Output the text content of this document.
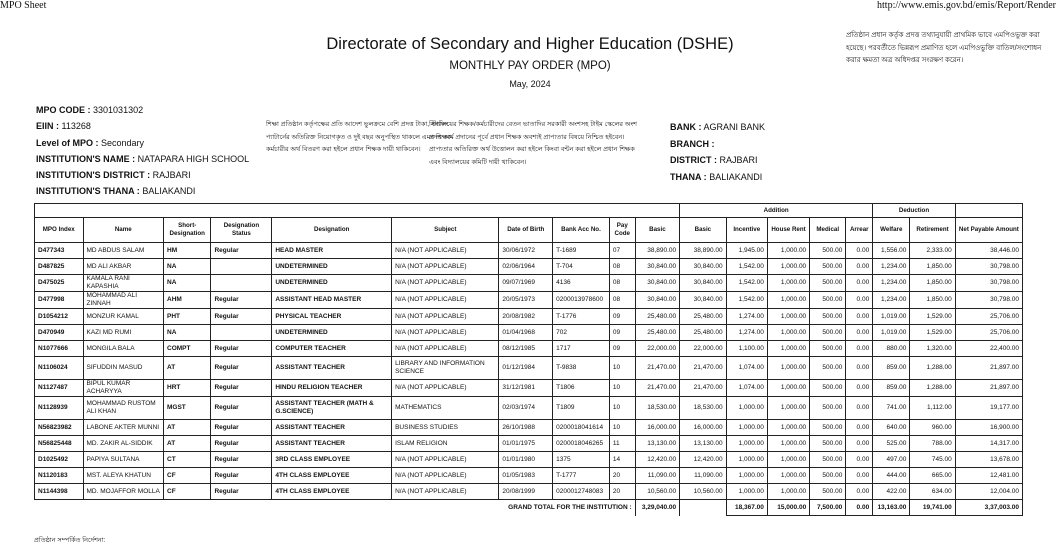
MPO Sheet	http://www.emis.gov.bd/emis/Report/Render
প্রতিষ্ঠান প্রধান কর্তৃক প্রদত্ত তথ্যানুযায়ী প্রাথমিক ভাবে এমপিওভুক্ত করা হয়েছে। পরবর্তীতে ভিন্নরূপ প্রমাণিত হলে এমপিওভুক্তি বাতিল/সংশোধন করার ক্ষমতা অত্র অধিদপ্তর সংরক্ষণ করেন।
Directorate of Secondary and Higher Education (DSHE)
MONTHLY PAY ORDER (MPO)
May, 2024
MPO CODE : 3301031302
EIIN : 113268
Level of MPO : Secondary
INSTITUTION'S NAME : NATAPARA HIGH SCHOOL
INSTITUTION'S DISTRICT : RAJBARI
INSTITUTION'S THANA : BALIAKANDI
শিক্ষা প্রতিষ্ঠান কর্তৃপক্ষের প্রতি আদেশ ভুলক্রমে বেশি প্রদত্ত টাকা, স্টাফিং প্যাটার্নের অতিরিক্ত নিয়োগকৃত ও দুই বছর অনুপস্থিত থাকলে এমন শিক্ষক-কর্মচারীর অর্থ বিতরণ করা হইলে প্রধান শিক্ষক দায়ী থাকিবেন।
বিদ্যালয়ের শিক্ষক/কর্মচারীদের বেতন ভাতাদির সরকারী অংশসহ টাইম স্কেলের অংশ প্রদত্ত অর্থ প্রদানের পূর্বে প্রধান শিক্ষক অবশ্যই প্রাপ্যতার বিষয়ে নিশ্চিত হইবেন। প্রাপ্যতার অতিরিক্ত অর্থ উত্তোলন করা হইলে কিংবা বন্টন করা হইলে প্রধান শিক্ষক এবং বিদ্যালয়ের কমিটি দায়ী থাকিবেন।
BANK : AGRANI BANK
BRANCH :
DISTRICT : RAJBARI
THANA : BALIAKANDI
										Addition					Deduction		
MPO Index	Name	Short-Designation	Designation Status	Designation	Subject	Date of Birth	Bank Acc No.	Pay Code	Basic	Basic	Incentive	House Rent	Medical	Arrear	Welfare	Retirement	Net Payable Amount
D477343	MD ABDUS SALAM	HM	Regular	HEAD MASTER	N/A (NOT APPLICABLE)	30/06/1972	T-1689	07	38,890.00	38,890.00	1,945.00	1,000.00	500.00	0.00	1,556.00	2,333.00	38,446.00
D487825	MD ALI AKBAR	NA		UNDETERMINED	N/A (NOT APPLICABLE)	02/06/1964	T-704	08	30,840.00	30,840.00	1,542.00	1,000.00	500.00	0.00	1,234.00	1,850.00	30,798.00
D475025	KAMALA RANI KAPASHIA	NA		UNDETERMINED	N/A (NOT APPLICABLE)	09/07/1969	4136	08	30,840.00	30,840.00	1,542.00	1,000.00	500.00	0.00	1,234.00	1,850.00	30,798.00
D477998	MOHAMMAD ALI ZINNAH	AHM	Regular	ASSISTANT HEAD MASTER	N/A (NOT APPLICABLE)	20/05/1973	0200013978600	08	30,840.00	30,840.00	1,542.00	1,000.00	500.00	0.00	1,234.00	1,850.00	30,798.00
D1054212	MONZUR KAMAL	PHT	Regular	PHYSICAL TEACHER	N/A (NOT APPLICABLE)	20/08/1982	T-1776	09	25,480.00	25,480.00	1,274.00	1,000.00	500.00	0.00	1,019.00	1,529.00	25,706.00
D470949	KAZI MD RUMI	NA		UNDETERMINED	N/A (NOT APPLICABLE)	01/04/1968	702	09	25,480.00	25,480.00	1,274.00	1,000.00	500.00	0.00	1,019.00	1,529.00	25,706.00
N1077666	MONGILA BALA	COMPT	Regular	COMPUTER TEACHER	N/A (NOT APPLICABLE)	08/12/1985	1717	09	22,000.00	22,000.00	1,100.00	1,000.00	500.00	0.00	880.00	1,320.00	22,400.00
N1106024	SIFUDDIN MASUD	AT	Regular	ASSISTANT TEACHER	LIBRARY AND INFORMATION SCIENCE	01/12/1984	T-9838	10	21,470.00	21,470.00	1,074.00	1,000.00	500.00	0.00	859.00	1,288.00	21,897.00
N1127487	BIPUL KUMAR ACHARYYA	HRT	Regular	HINDU RELIGION TEACHER	N/A (NOT APPLICABLE)	31/12/1981	T1806	10	21,470.00	21,470.00	1,074.00	1,000.00	500.00	0.00	859.00	1,288.00	21,897.00
N1128939	MOHAMMAD RUSTOM ALI KHAN	MGST	Regular	ASSISTANT TEACHER (MATH & G.SCIENCE)	MATHEMATICS	02/03/1974	T1809	10	18,530.00	18,530.00	1,000.00	1,000.00	500.00	0.00	741.00	1,112.00	19,177.00
N56823982	LABONE AKTER MUNNI	AT	Regular	ASSISTANT TEACHER	BUSINESS STUDIES	26/10/1988	0200018041614	10	16,000.00	16,000.00	1,000.00	1,000.00	500.00	0.00	640.00	960.00	16,900.00
N56825448	MD. ZAKIR AL-SIDDIK	AT	Regular	ASSISTANT TEACHER	ISLAM RELIGION	01/01/1975	0200018046265	11	13,130.00	13,130.00	1,000.00	1,000.00	500.00	0.00	525.00	788.00	14,317.00
D1025492	PAPIYA SULTANA	CT	Regular	3RD CLASS EMPLOYEE	N/A (NOT APPLICABLE)	01/01/1980	1375	14	12,420.00	12,420.00	1,000.00	1,000.00	500.00	0.00	497.00	745.00	13,678.00
N1120183	MST. ALEYA KHATUN	CF	Regular	4TH CLASS EMPLOYEE	N/A (NOT APPLICABLE)	01/05/1983	T-1777	20	11,090.00	11,090.00	1,000.00	1,000.00	500.00	0.00	444.00	665.00	12,481.00
N1144398	MD. MOJAFFOR MOLLA	CF	Regular	4TH CLASS EMPLOYEE	N/A (NOT APPLICABLE)	20/08/1999	0200012748083	20	10,560.00	10,560.00	1,000.00	1,000.00	500.00	0.00	422.00	634.00	12,004.00
GRAND TOTAL FOR THE INSTITUTION :									3,29,040.00		18,367.00	15,000.00	7,500.00	0.00	13,163.00	19,741.00	3,37,003.00
প্রতিষ্ঠান সম্পর্কিত নির্দেশনা:
